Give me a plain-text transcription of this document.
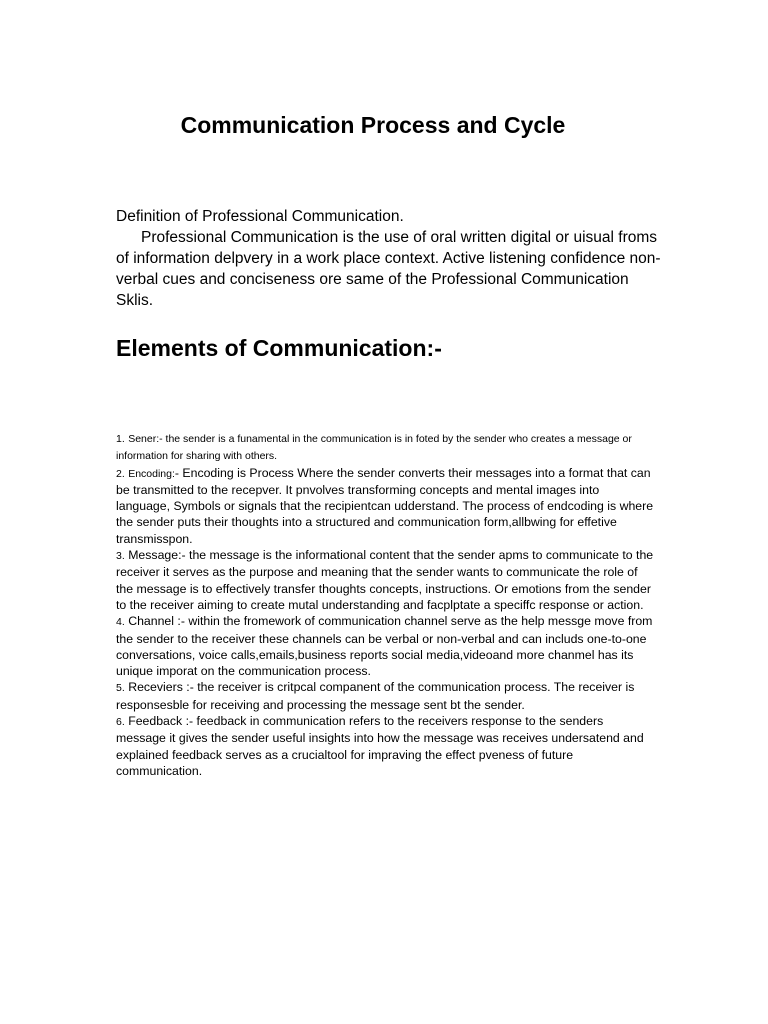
Communication Process and Cycle

Definition of Professional Communication.

Professional Communication is the use of oral written digital or uisual froms of information delpvery in a work place context. Active listening confidence non-verbal cues and conciseness ore same of the Professional Communication Sklis.

Elements of Communication:-
1. Sener:- the sender is a funamental in the communication is in foted by the sender who creates a message or information for sharing with others.
2. Encoding:- Encoding is Process Where the sender converts their messages into a format that can be transmitted to the recepver. It pnvolves transforming concepts and mental images into language, Symbols or signals that the recipientcan udderstand. The process of endcoding is where the sender puts their thoughts into a structured and communication form,allbwing for effetive transmisspon.
3. Message:- the message is the informational content that the sender apms to communicate to the receiver it serves as the purpose and meaning that the sender wants to communicate the role of the message is to effectively transfer thoughts concepts, instructions. Or emotions from the sender to the receiver aiming to create mutal understanding and facplptate a speciffc response or action.
4. Channel :- within the fromework of communication channel serve as the help messge move from the sender to the receiver these channels can be verbal or non-verbal and can includs one-to-one conversations, voice calls,emails,business reports social media,videoand more chanmel has its unique imporat on the communication process.
5. Receviers :- the receiver is critpcal companent of the communication process. The receiver is responsesble for receiving and processing the message sent bt the sender.
6. Feedback :- feedback in communication refers to the receivers response to the senders message it gives the sender useful insights into how the message was receives undersatend and explained feedback serves as a crucialtool for impraving the effect pveness of future communication.
